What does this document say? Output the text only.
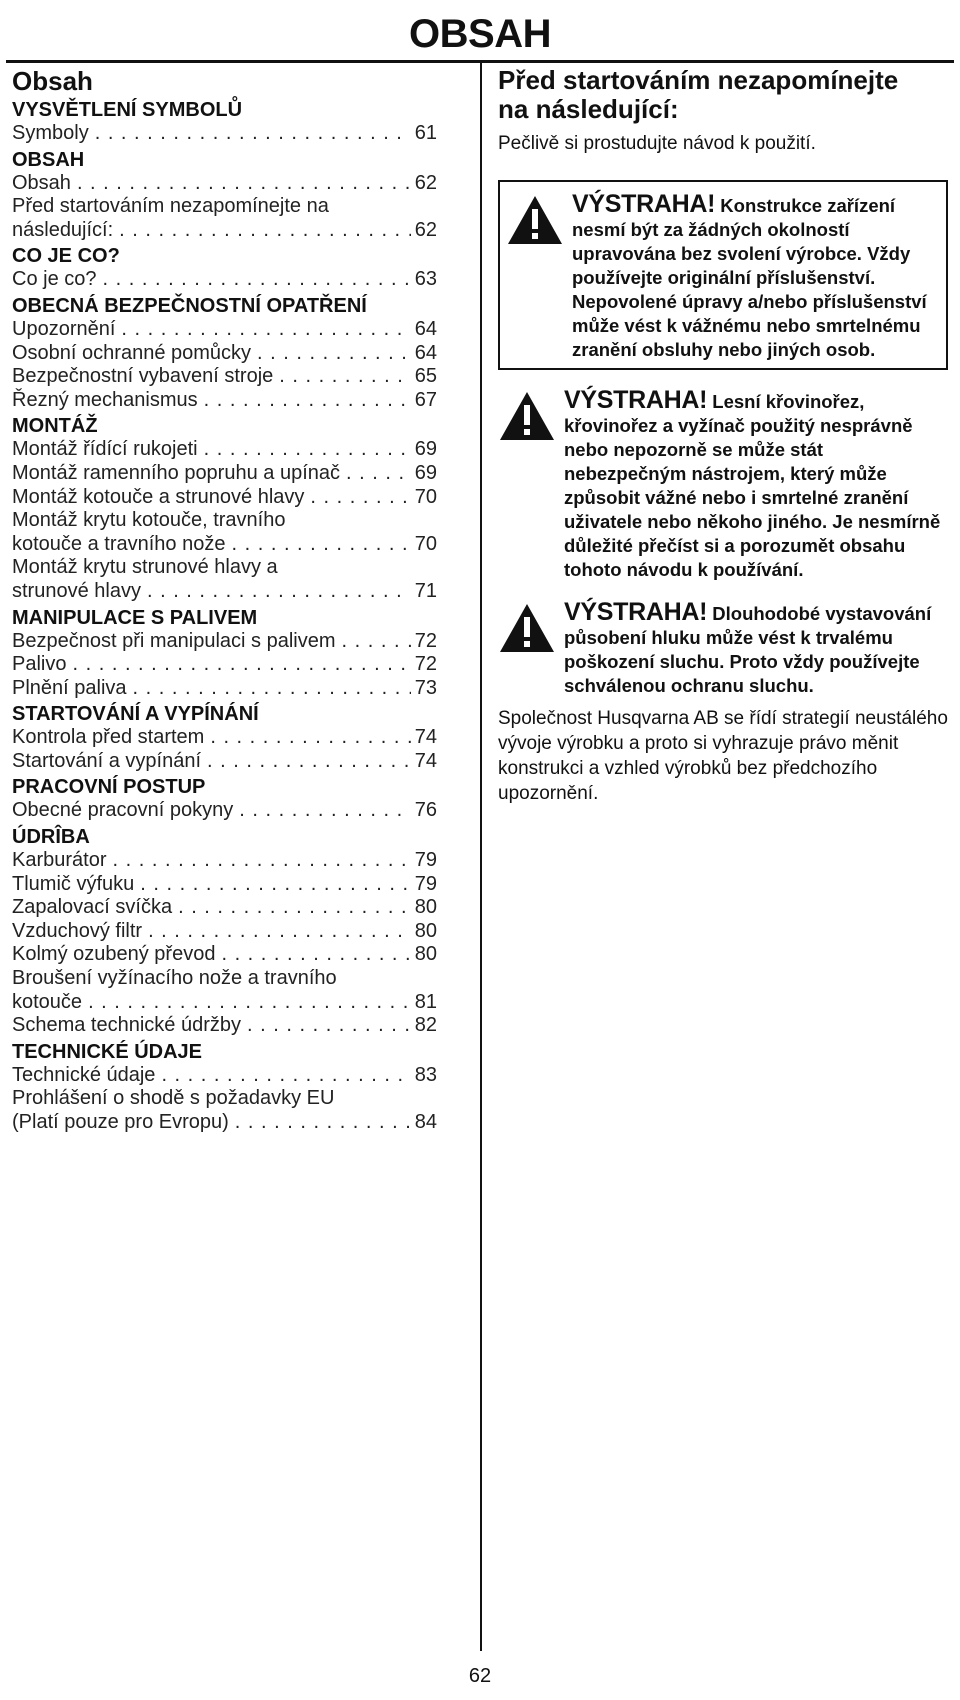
OBSAH
Obsah
VYSVĚTLENÍ SYMBOLŮ
Symboly . . .	61
OBSAH
Obsah . . .	62
Před startováním nezapomínejte na
následující: . . .	62
CO JE CO?
Co je co? . . .	63
OBECNÁ BEZPEČNOSTNÍ OPATŘENÍ
Upozornění . . .	64
Osobní ochranné pomůcky . . .	64
Bezpečnostní vybavení stroje . . .	65
Řezný mechanismus . . .	67
MONTÁŽ
Montáž řídící rukojeti . . .	69
Montáž ramenního popruhu a upínač . . .	69
Montáž kotouče a strunové hlavy . . .	70
Montáž krytu kotouče, travního
kotouče a travního nože . . .	70
Montáž krytu strunové hlavy a
strunové hlavy . . .	71
MANIPULACE S PALIVEM
Bezpečnost při manipulaci s palivem . . .	72
Palivo . . .	72
Plnění paliva . . .	73
STARTOVÁNÍ A VYPÍNÁNÍ
Kontrola před startem . . .	74
Startování a vypínání . . .	74
PRACOVNÍ POSTUP
Obecné pracovní pokyny . . .	76
ÚDRÎBA
Karburátor . . .	79
Tlumič výfuku . . .	79
Zapalovací svíčka . . .	80
Vzduchový filtr . . .	80
Kolmý ozubený převod . . .	80
Broušení vyžínacího nože a travního
kotouče . . .	81
Schema technické údržby . . .	82
TECHNICKÉ ÚDAJE
Technické údaje . . .	83
Prohlášení o shodě s požadavky EU
(Platí pouze pro Evropu) . . .	84
Před startováním nezapomínejte
na následující:
Pečlivě si prostudujte návod k použití.
VÝSTRAHA! Konstrukce zařízení nesmí být za žádných okolností upravována bez svolení výrobce. Vždy používejte originální příslušenství. Nepovolené úpravy a/nebo příslušenství může vést k vážnému nebo smrtelnému zranění obsluhy nebo jiných osob.
VÝSTRAHA! Lesní křovinořez, křovinořez a vyžínač použitý nesprávně nebo nepozorně se může stát nebezpečným nástrojem, který může způsobit vážné nebo i smrtelné zranění uživatele nebo někoho jiného. Je nesmírně důležité přečíst si a porozumět obsahu tohoto návodu k používání.
VÝSTRAHA! Dlouhodobé vystavování působení hluku může vést k trvalému poškození sluchu. Proto vždy používejte schválenou ochranu sluchu.
Společnost Husqvarna AB se řídí strategií neustálého vývoje výrobku a proto si vyhrazuje právo měnit konstrukci a vzhled výrobků bez předchozího upozornění.
62
